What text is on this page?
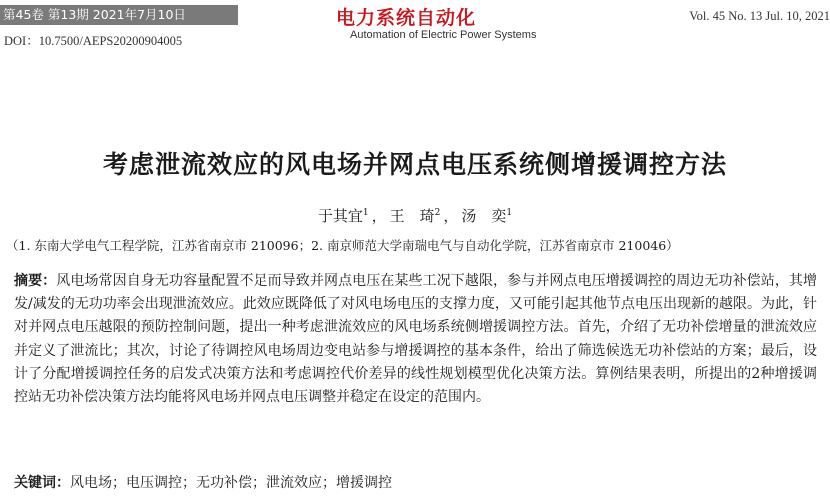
第45卷 第13期 2021年7月10日
DOI：10.7500/AEPS20200904005
电力系统自动化
Automation of Electric Power Systems
Vol. 45 No. 13 Jul. 10, 2021
考虑泄流效应的风电场并网点电压系统侧增援调控方法
于其宜$^1$ ， 王　琦$^2$ ， 汤　奕$^1$
（1. 东南大学电气工程学院，江苏省南京市 210096；2. 南京师范大学南瑞电气与自动化学院，江苏省南京市 210046）
摘要：风电场常因自身无功容量配置不足而导致并网点电压在某些工况下越限，参与并网点电压增援调控的周边无功补偿站，其增发/减发的无功功率会出现泄流效应。此效应既降低了对风电场电压的支撑力度，又可能引起其他节点电压出现新的越限。为此，针对并网点电压越限的预防控制问题，提出一种考虑泄流效应的风电场系统侧增援调控方法。首先，介绍了无功补偿增量的泄流效应并定义了泄流比；其次，讨论了待调控风电场周边变电站参与增援调控的基本条件，给出了筛选候选无功补偿站的方案；最后，设计了分配增援调控任务的启发式决策方法和考虑调控代价差异的线性规划模型优化决策方法。算例结果表明，所提出的2种增援调控站无功补偿决策方法均能将风电场并网点电压调整并稳定在设定的范围内。
关键词：风电场；电压调控；无功补偿；泄流效应；增援调控
